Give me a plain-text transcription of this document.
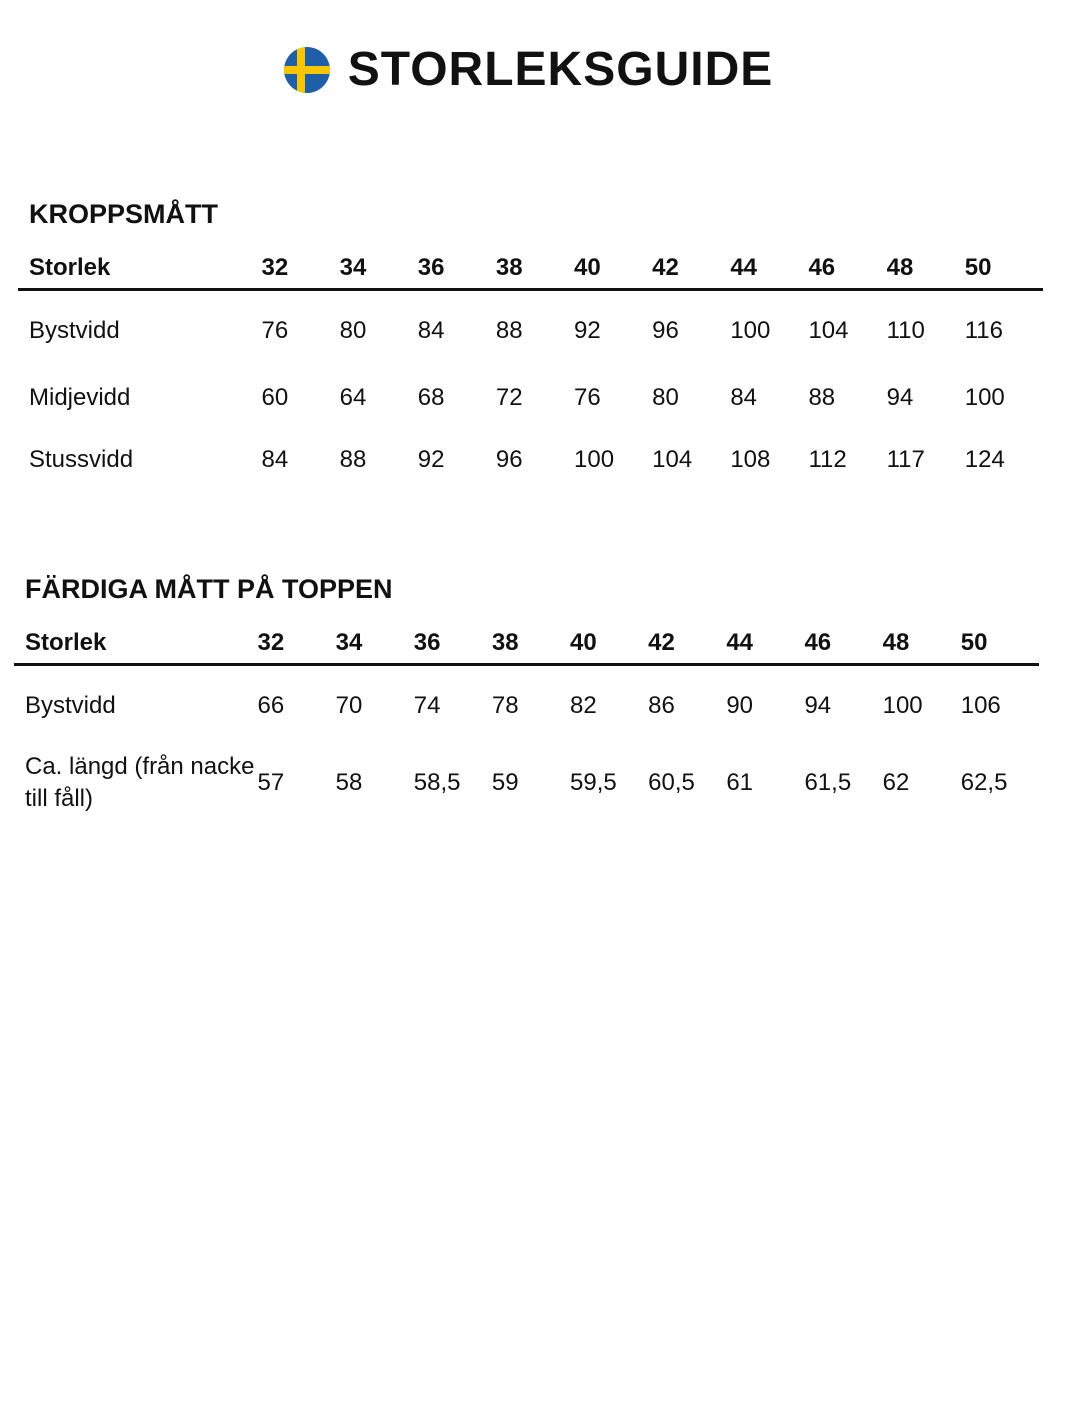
STORLEKSGUIDE
KROPPSMÅTT
Storlek	32	34	36	38	40	42	44	46	48	50
Bystvidd	76	80	84	88	92	96	100	104	110	116
Midjevidd	60	64	68	72	76	80	84	88	94	100
Stussvidd	84	88	92	96	100	104	108	112	117	124
FÄRDIGA MÅTT PÅ TOPPEN
Storlek	32	34	36	38	40	42	44	46	48	50
Bystvidd	66	70	74	78	82	86	90	94	100	106
Ca. längd (från nacke till fåll)	57	58	58,5	59	59,5	60,5	61	61,5	62	62,5
